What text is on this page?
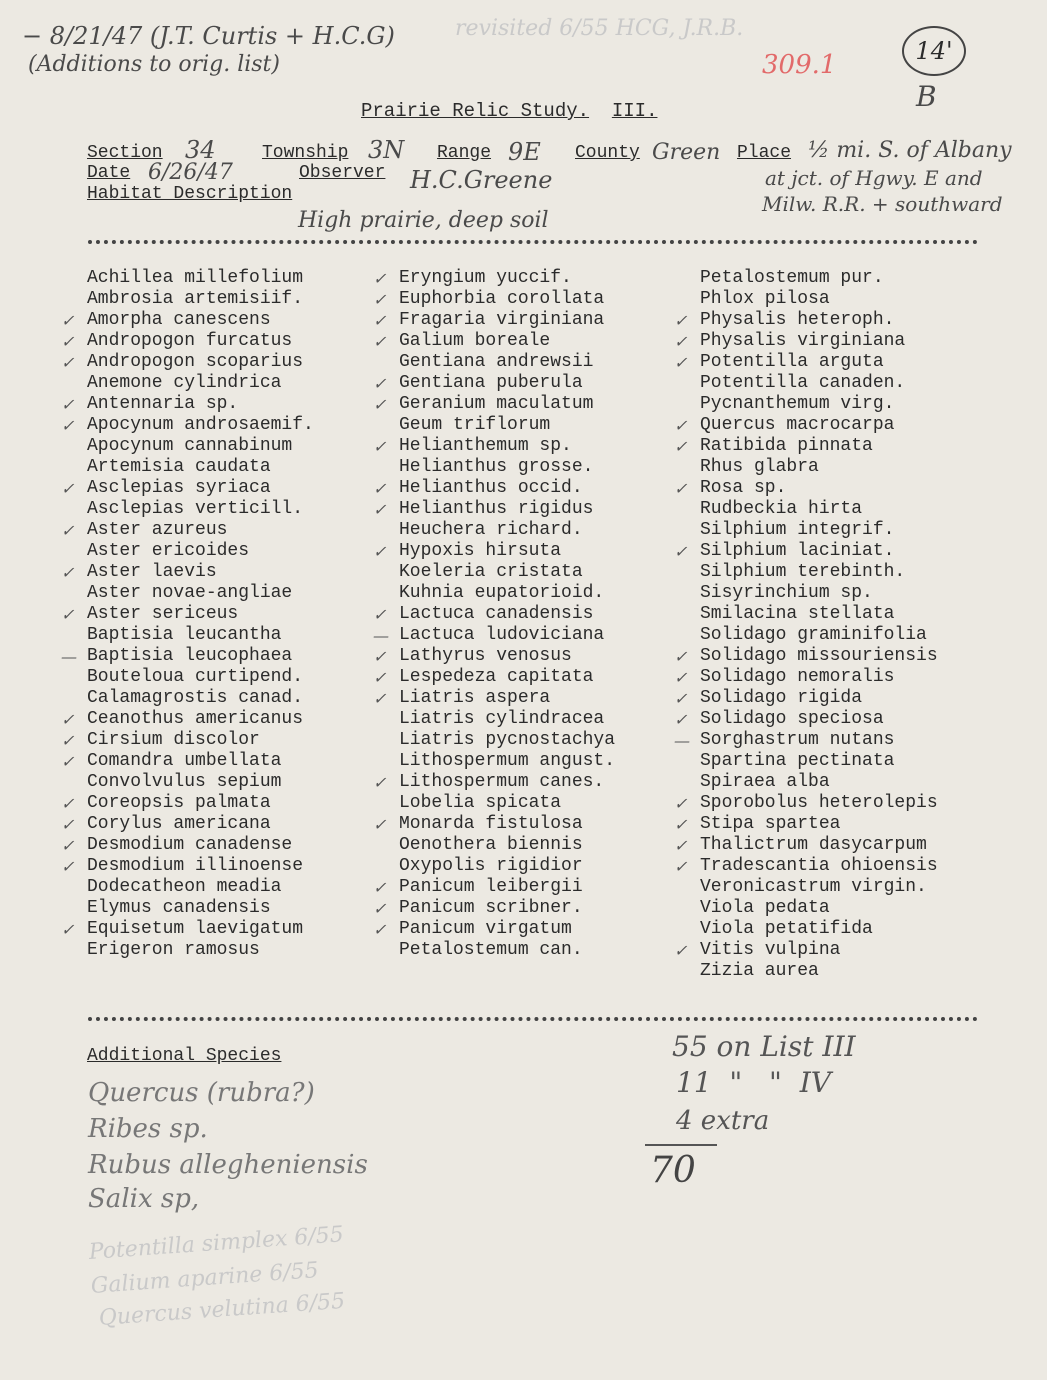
− 8/21/47 (J.T. Curtis + H.C.G)
(Additions to orig. list)
revisited 6/55 HCG, J.R.B.
309.1	14'
B
Prairie Relic Study. III.
Section 34	Township 3N Range 9E County Green Place ½ mi. S. of Albany
at jct. of Hgwy. E and
Milw. R.R. + southward
Date 6/26/47	Observer H.C.Greene
Habitat Description
High prairie, deep soil
Achillea millefolium
Ambrosia artemisiif.
✓ Amorpha canescens
✓ Andropogon furcatus
✓ Andropogon scoparius
Anemone cylindrica
✓ Antennaria sp.
✓ Apocynum androsaemif.
Apocynum cannabinum
Artemisia caudata
✓ Asclepias syriaca
Asclepias verticill.
✓ Aster azureus
Aster ericoides
✓ Aster laevis
Aster novae-angliae
✓ Aster sericeus
Baptisia leucantha
— Baptisia leucophaea
Bouteloua curtipend.
Calamagrostis canad.
✓ Ceanothus americanus
✓ Cirsium discolor
✓ Comandra umbellata
Convolvulus sepium
✓ Coreopsis palmata
✓ Corylus americana
✓ Desmodium canadense
✓ Desmodium illinoense
Dodecatheon meadia
Elymus canadensis
✓ Equisetum laevigatum
Erigeron ramosus
✓ Eryngium yuccif.
✓ Euphorbia corollata
✓ Fragaria virginiana
✓ Galium boreale
Gentiana andrewsii
✓ Gentiana puberula
✓ Geranium maculatum
Geum triflorum
✓ Helianthemum sp.
Helianthus grosse.
✓ Helianthus occid.
✓ Helianthus rigidus
Heuchera richard.
✓ Hypoxis hirsuta
Koeleria cristata
Kuhnia eupatorioid.
✓ Lactuca canadensis
— Lactuca ludoviciana
✓ Lathyrus venosus
✓ Lespedeza capitata
✓ Liatris aspera
Liatris cylindracea
Liatris pycnostachya
Lithospermum angust.
✓ Lithospermum canes.
Lobelia spicata
✓ Monarda fistulosa
Oenothera biennis
Oxypolis rigidior
✓ Panicum leibergii
✓ Panicum scribner.
✓ Panicum virgatum
Petalostemum can.
Petalostemum pur.
Phlox pilosa
✓ Physalis heteroph.
✓ Physalis virginiana
✓ Potentilla arguta
Potentilla canaden.
Pycnanthemum virg.
✓ Quercus macrocarpa
✓ Ratibida pinnata
Rhus glabra
✓ Rosa sp.
Rudbeckia hirta
Silphium integrif.
✓ Silphium laciniat.
Silphium terebinth.
Sisyrinchium sp.
Smilacina stellata
Solidago graminifolia
✓ Solidago missouriensis
✓ Solidago nemoralis
✓ Solidago rigida
✓ Solidago speciosa
— Sorghastrum nutans
Spartina pectinata
Spiraea alba
✓ Sporobolus heterolepis
✓ Stipa spartea
✓ Thalictrum dasycarpum
✓ Tradescantia ohioensis
Veronicastrum virgin.
Viola pedata
Viola petatifida
✓ Vitis vulpina
Zizia aurea
Additional Species
Quercus (rubra?)
Ribes sp.
Rubus allegheniensis
Salix sp,
Potentilla simplex 6/55
Galium aparine 6/55
Quercus velutina 6/55
55 on List III
11  "   "  IV
4 extra
70
